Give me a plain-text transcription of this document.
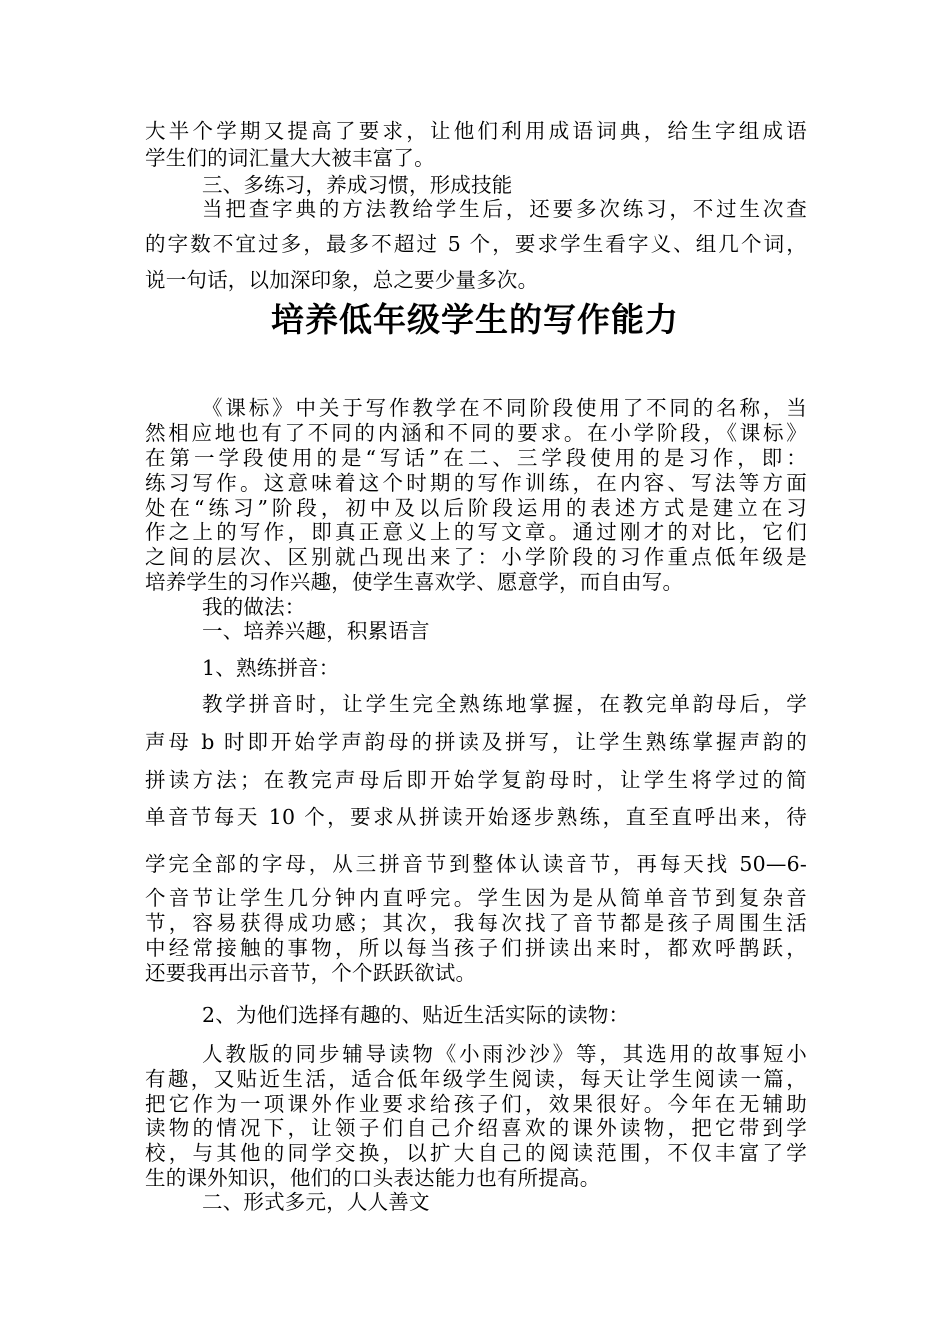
大半个学期又提高了要求，让他们利用成语词典，给生字组成语
学生们的词汇量大大被丰富了。
三、多练习，养成习惯，形成技能
当把查字典的方法教给学生后，还要多次练习，不过生次查
的字数不宜过多，最多不超过 5 个，要求学生看字义、组几个词，
说一句话，以加深印象，总之要少量多次。
培养低年级学生的写作能力
《课标》中关于写作教学在不同阶段使用了不同的名称，当
然相应地也有了不同的内涵和不同的要求。在小学阶段，《课标》
在第一学段使用的是“写话”在二、三学段使用的是习作，即：
练习写作。这意味着这个时期的写作训练，在内容、写法等方面
处在“练习”阶段，初中及以后阶段运用的表述方式是建立在习
作之上的写作，即真正意义上的写文章。通过刚才的对比，它们
之间的层次、区别就凸现出来了：小学阶段的习作重点低年级是
培养学生的习作兴趣，使学生喜欢学、愿意学，而自由写。
我的做法：
一、培养兴趣，积累语言
1、熟练拼音：
教学拼音时，让学生完全熟练地掌握，在教完单韵母后，学
声母 b 时即开始学声韵母的拼读及拼写，让学生熟练掌握声韵的
拼读方法；在教完声母后即开始学复韵母时，让学生将学过的简
单音节每天 10 个，要求从拼读开始逐步熟练，直至直呼出来，待
学完全部的字母，从三拼音节到整体认读音节，再每天找 50—6-
个音节让学生几分钟内直呼完。学生因为是从简单音节到复杂音
节，容易获得成功感；其次，我每次找了音节都是孩子周围生活
中经常接触的事物，所以每当孩子们拼读出来时，都欢呼鹊跃，
还要我再出示音节，个个跃跃欲试。
2、为他们选择有趣的、贴近生活实际的读物：
人教版的同步辅导读物《小雨沙沙》等，其选用的故事短小
有趣，又贴近生活，适合低年级学生阅读，每天让学生阅读一篇，
把它作为一项课外作业要求给孩子们，效果很好。今年在无辅助
读物的情况下，让领子们自己介绍喜欢的课外读物，把它带到学
校，与其他的同学交换，以扩大自己的阅读范围，不仅丰富了学
生的课外知识，他们的口头表达能力也有所提高。
二、形式多元，人人善文
